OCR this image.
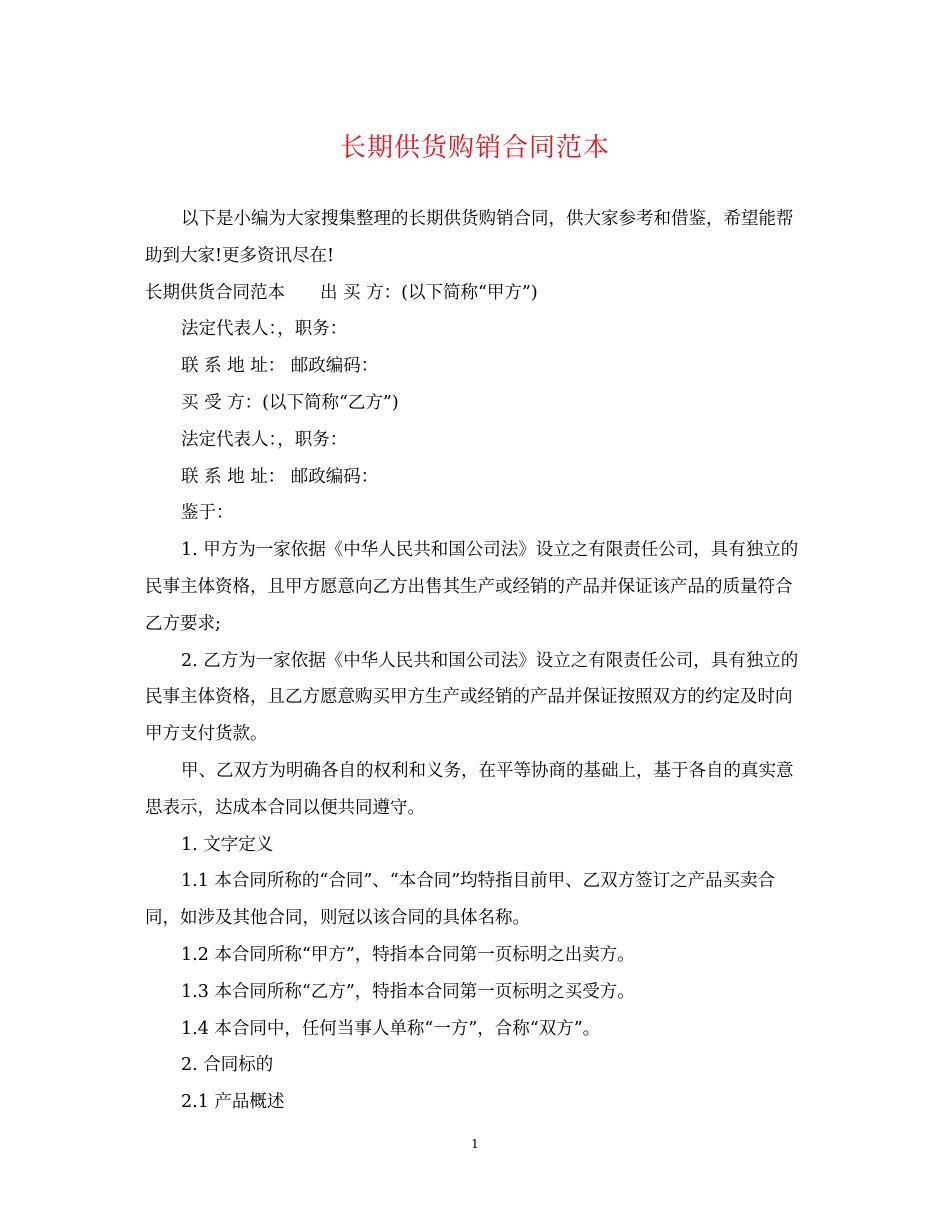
长期供货购销合同范本

以下是小编为大家搜集整理的长期供货购销合同，供大家参考和借鉴，希望能帮助到大家!更多资讯尽在!

长期供货合同范本　　出 买 方：(以下简称“甲方”)

法定代表人：，职务：

联 系 地 址： 邮政编码：

买 受 方：(以下简称“乙方”)

法定代表人：，职务：

联 系 地 址： 邮政编码：

鉴于：

1. 甲方为一家依据《中华人民共和国公司法》设立之有限责任公司，具有独立的民事主体资格，且甲方愿意向乙方出售其生产或经销的产品并保证该产品的质量符合乙方要求;

2. 乙方为一家依据《中华人民共和国公司法》设立之有限责任公司，具有独立的民事主体资格，且乙方愿意购买甲方生产或经销的产品并保证按照双方的约定及时向甲方支付货款。

甲、乙双方为明确各自的权利和义务，在平等协商的基础上，基于各自的真实意思表示，达成本合同以便共同遵守。

1. 文字定义

1.1 本合同所称的“合同”、“本合同”均特指目前甲、乙双方签订之产品买卖合同，如涉及其他合同，则冠以该合同的具体名称。

1.2 本合同所称“甲方”，特指本合同第一页标明之出卖方。

1.3 本合同所称“乙方”，特指本合同第一页标明之买受方。

1.4 本合同中，任何当事人单称“一方”，合称“双方”。

2. 合同标的

2.1 产品概述

1
